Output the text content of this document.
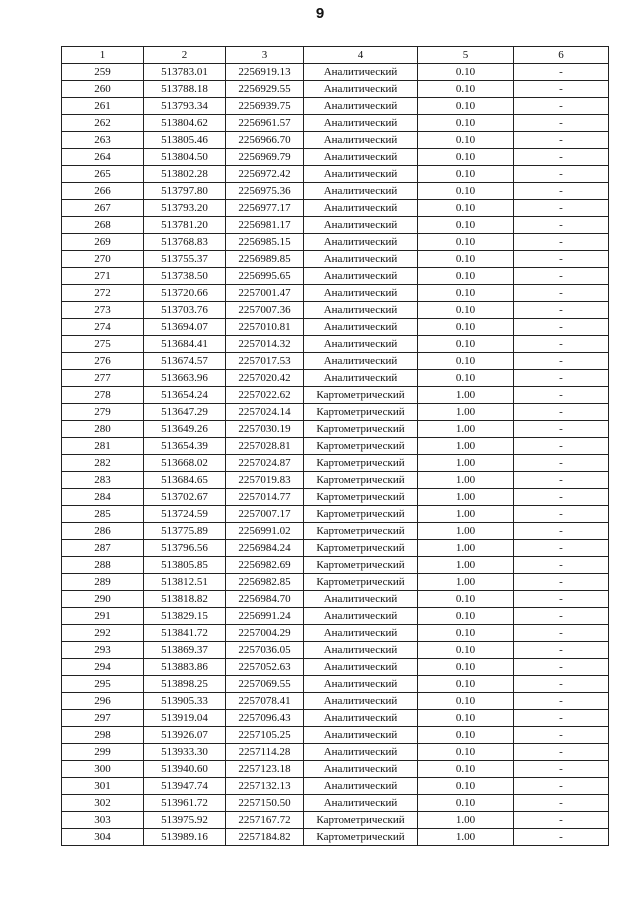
9
1	2	3	4	5	6
259	513783.01	2256919.13	Аналитический	0.10	-
260	513788.18	2256929.55	Аналитический	0.10	-
261	513793.34	2256939.75	Аналитический	0.10	-
262	513804.62	2256961.57	Аналитический	0.10	-
263	513805.46	2256966.70	Аналитический	0.10	-
264	513804.50	2256969.79	Аналитический	0.10	-
265	513802.28	2256972.42	Аналитический	0.10	-
266	513797.80	2256975.36	Аналитический	0.10	-
267	513793.20	2256977.17	Аналитический	0.10	-
268	513781.20	2256981.17	Аналитический	0.10	-
269	513768.83	2256985.15	Аналитический	0.10	-
270	513755.37	2256989.85	Аналитический	0.10	-
271	513738.50	2256995.65	Аналитический	0.10	-
272	513720.66	2257001.47	Аналитический	0.10	-
273	513703.76	2257007.36	Аналитический	0.10	-
274	513694.07	2257010.81	Аналитический	0.10	-
275	513684.41	2257014.32	Аналитический	0.10	-
276	513674.57	2257017.53	Аналитический	0.10	-
277	513663.96	2257020.42	Аналитический	0.10	-
278	513654.24	2257022.62	Картометрический	1.00	-
279	513647.29	2257024.14	Картометрический	1.00	-
280	513649.26	2257030.19	Картометрический	1.00	-
281	513654.39	2257028.81	Картометрический	1.00	-
282	513668.02	2257024.87	Картометрический	1.00	-
283	513684.65	2257019.83	Картометрический	1.00	-
284	513702.67	2257014.77	Картометрический	1.00	-
285	513724.59	2257007.17	Картометрический	1.00	-
286	513775.89	2256991.02	Картометрический	1.00	-
287	513796.56	2256984.24	Картометрический	1.00	-
288	513805.85	2256982.69	Картометрический	1.00	-
289	513812.51	2256982.85	Картометрический	1.00	-
290	513818.82	2256984.70	Аналитический	0.10	-
291	513829.15	2256991.24	Аналитический	0.10	-
292	513841.72	2257004.29	Аналитический	0.10	-
293	513869.37	2257036.05	Аналитический	0.10	-
294	513883.86	2257052.63	Аналитический	0.10	-
295	513898.25	2257069.55	Аналитический	0.10	-
296	513905.33	2257078.41	Аналитический	0.10	-
297	513919.04	2257096.43	Аналитический	0.10	-
298	513926.07	2257105.25	Аналитический	0.10	-
299	513933.30	2257114.28	Аналитический	0.10	-
300	513940.60	2257123.18	Аналитический	0.10	-
301	513947.74	2257132.13	Аналитический	0.10	-
302	513961.72	2257150.50	Аналитический	0.10	-
303	513975.92	2257167.72	Картометрический	1.00	-
304	513989.16	2257184.82	Картометрический	1.00	-
